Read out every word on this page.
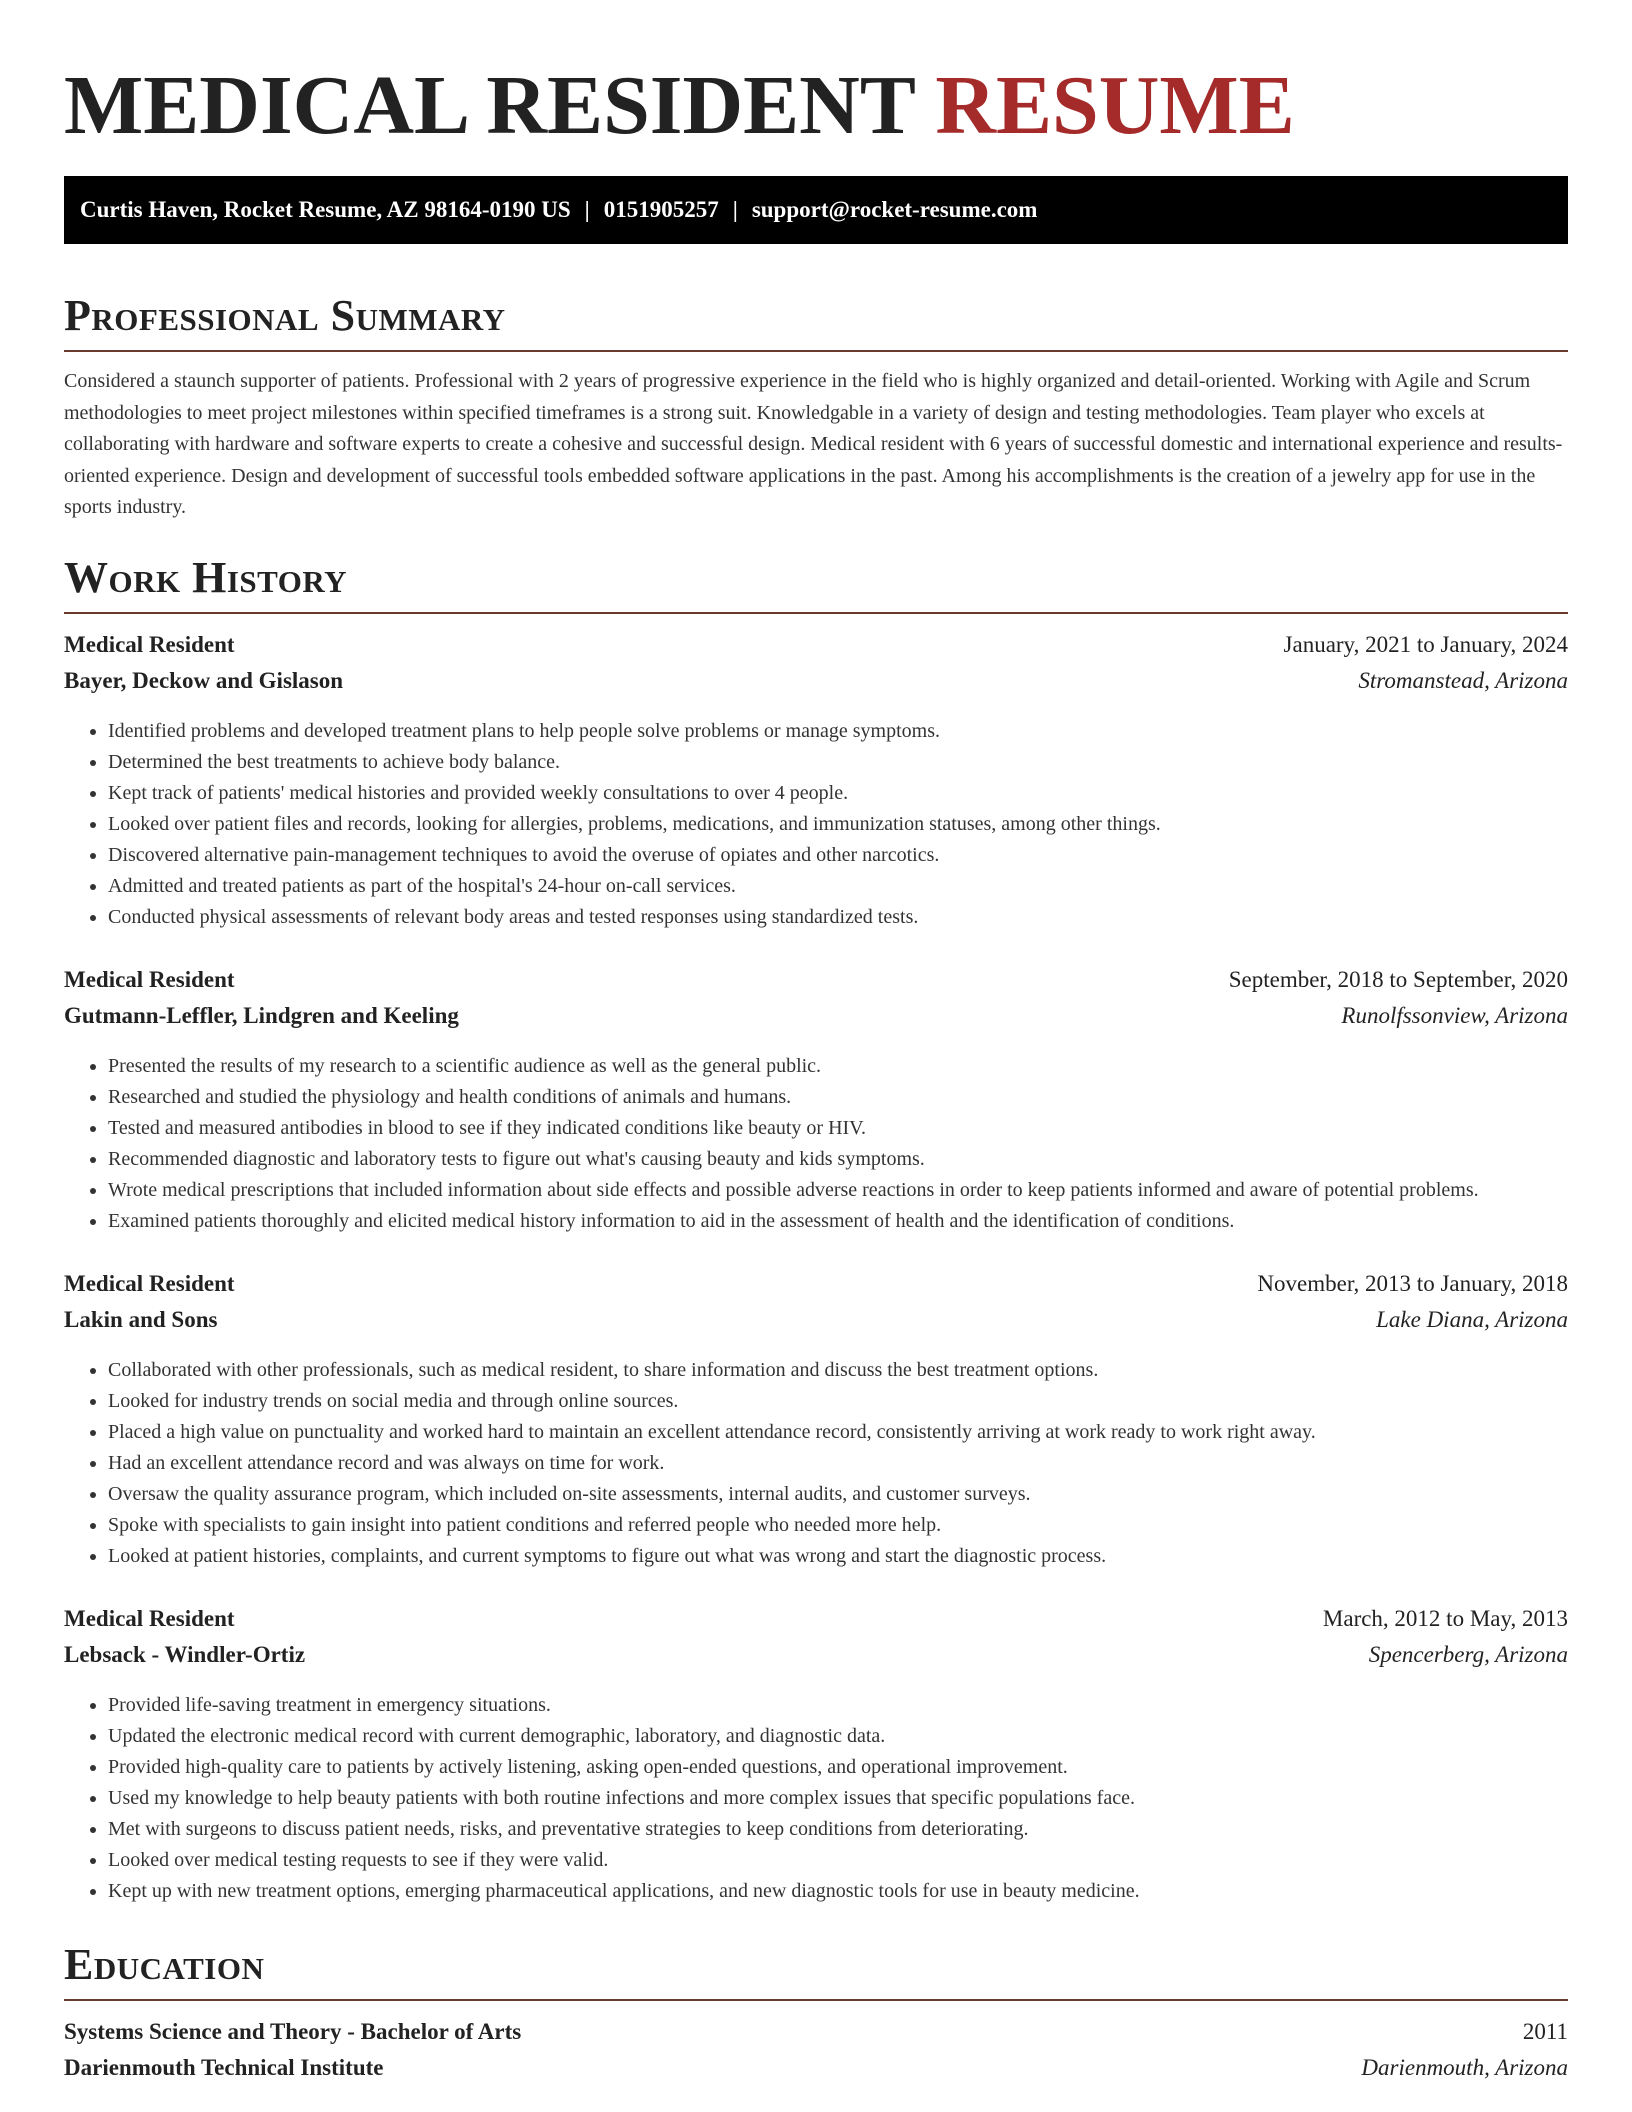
MEDICAL RESIDENT RESUME
Curtis Haven, Rocket Resume, AZ 98164-0190 US | 0151905257 | support@rocket-resume.com
Professional Summary

Considered a staunch supporter of patients. Professional with 2 years of progressive experience in the field who is highly organized and detail-oriented. Working with Agile and Scrum methodologies to meet project milestones within specified timeframes is a strong suit. Knowledgable in a variety of design and testing methodologies. Team player who excels at collaborating with hardware and software experts to create a cohesive and successful design. Medical resident with 6 years of successful domestic and international experience and results-oriented experience. Design and development of successful tools embedded software applications in the past. Among his accomplishments is the creation of a jewelry app for use in the sports industry.

Work History
Medical Resident	January, 2021 to January, 2024
Bayer, Deckow and Gislason	Stromanstead, Arizona
• Identified problems and developed treatment plans to help people solve problems or manage symptoms.
• Determined the best treatments to achieve body balance.
• Kept track of patients' medical histories and provided weekly consultations to over 4 people.
• Looked over patient files and records, looking for allergies, problems, medications, and immunization statuses, among other things.
• Discovered alternative pain-management techniques to avoid the overuse of opiates and other narcotics.
• Admitted and treated patients as part of the hospital's 24-hour on-call services.
• Conducted physical assessments of relevant body areas and tested responses using standardized tests.
Medical Resident	September, 2018 to September, 2020
Gutmann-Leffler, Lindgren and Keeling	Runolfssonview, Arizona
• Presented the results of my research to a scientific audience as well as the general public.
• Researched and studied the physiology and health conditions of animals and humans.
• Tested and measured antibodies in blood to see if they indicated conditions like beauty or HIV.
• Recommended diagnostic and laboratory tests to figure out what's causing beauty and kids symptoms.
• Wrote medical prescriptions that included information about side effects and possible adverse reactions in order to keep patients informed and aware of potential problems.
• Examined patients thoroughly and elicited medical history information to aid in the assessment of health and the identification of conditions.
Medical Resident	November, 2013 to January, 2018
Lakin and Sons	Lake Diana, Arizona
• Collaborated with other professionals, such as medical resident, to share information and discuss the best treatment options.
• Looked for industry trends on social media and through online sources.
• Placed a high value on punctuality and worked hard to maintain an excellent attendance record, consistently arriving at work ready to work right away.
• Had an excellent attendance record and was always on time for work.
• Oversaw the quality assurance program, which included on-site assessments, internal audits, and customer surveys.
• Spoke with specialists to gain insight into patient conditions and referred people who needed more help.
• Looked at patient histories, complaints, and current symptoms to figure out what was wrong and start the diagnostic process.
Medical Resident	March, 2012 to May, 2013
Lebsack - Windler-Ortiz	Spencerberg, Arizona
• Provided life-saving treatment in emergency situations.
• Updated the electronic medical record with current demographic, laboratory, and diagnostic data.
• Provided high-quality care to patients by actively listening, asking open-ended questions, and operational improvement.
• Used my knowledge to help beauty patients with both routine infections and more complex issues that specific populations face.
• Met with surgeons to discuss patient needs, risks, and preventative strategies to keep conditions from deteriorating.
• Looked over medical testing requests to see if they were valid.
• Kept up with new treatment options, emerging pharmaceutical applications, and new diagnostic tools for use in beauty medicine.
Education
Systems Science and Theory - Bachelor of Arts	2011
Darienmouth Technical Institute	Darienmouth, Arizona
